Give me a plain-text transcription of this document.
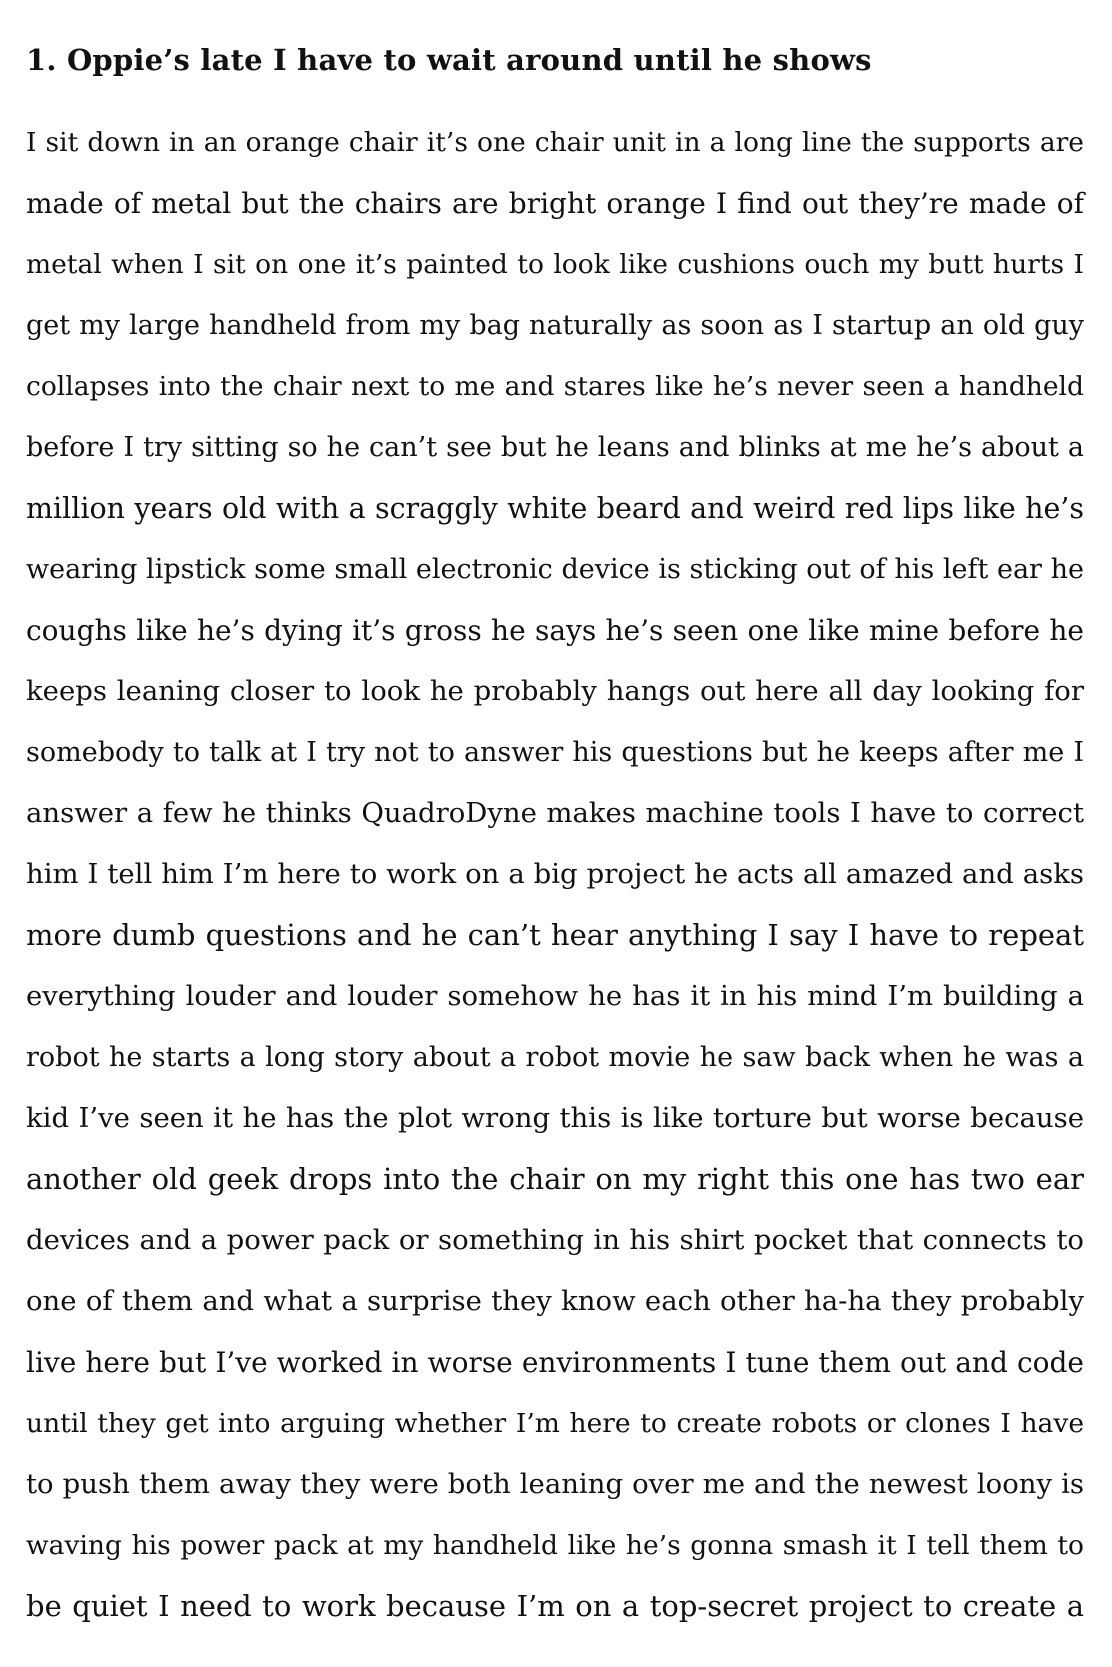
1. Oppie’s late I have to wait around until he shows
I sit down in an orange chair it’s one chair unit in a long line the supports are
made of metal but the chairs are bright orange I find out they’re made of
metal when I sit on one it’s painted to look like cushions ouch my butt hurts I
get my large handheld from my bag naturally as soon as I startup an old guy
collapses into the chair next to me and stares like he’s never seen a handheld
before I try sitting so he can’t see but he leans and blinks at me he’s about a
million years old with a scraggly white beard and weird red lips like he’s
wearing lipstick some small electronic device is sticking out of his left ear he
coughs like he’s dying it’s gross he says he’s seen one like mine before he
keeps leaning closer to look he probably hangs out here all day looking for
somebody to talk at I try not to answer his questions but he keeps after me I
answer a few he thinks QuadroDyne makes machine tools I have to correct
him I tell him I’m here to work on a big project he acts all amazed and asks
more dumb questions and he can’t hear anything I say I have to repeat
everything louder and louder somehow he has it in his mind I’m building a
robot he starts a long story about a robot movie he saw back when he was a
kid I’ve seen it he has the plot wrong this is like torture but worse because
another old geek drops into the chair on my right this one has two ear
devices and a power pack or something in his shirt pocket that connects to
one of them and what a surprise they know each other ha-ha they probably
live here but I’ve worked in worse environments I tune them out and code
until they get into arguing whether I’m here to create robots or clones I have
to push them away they were both leaning over me and the newest loony is
waving his power pack at my handheld like he’s gonna smash it I tell them to
be quiet I need to work because I’m on a top-secret project to create a
